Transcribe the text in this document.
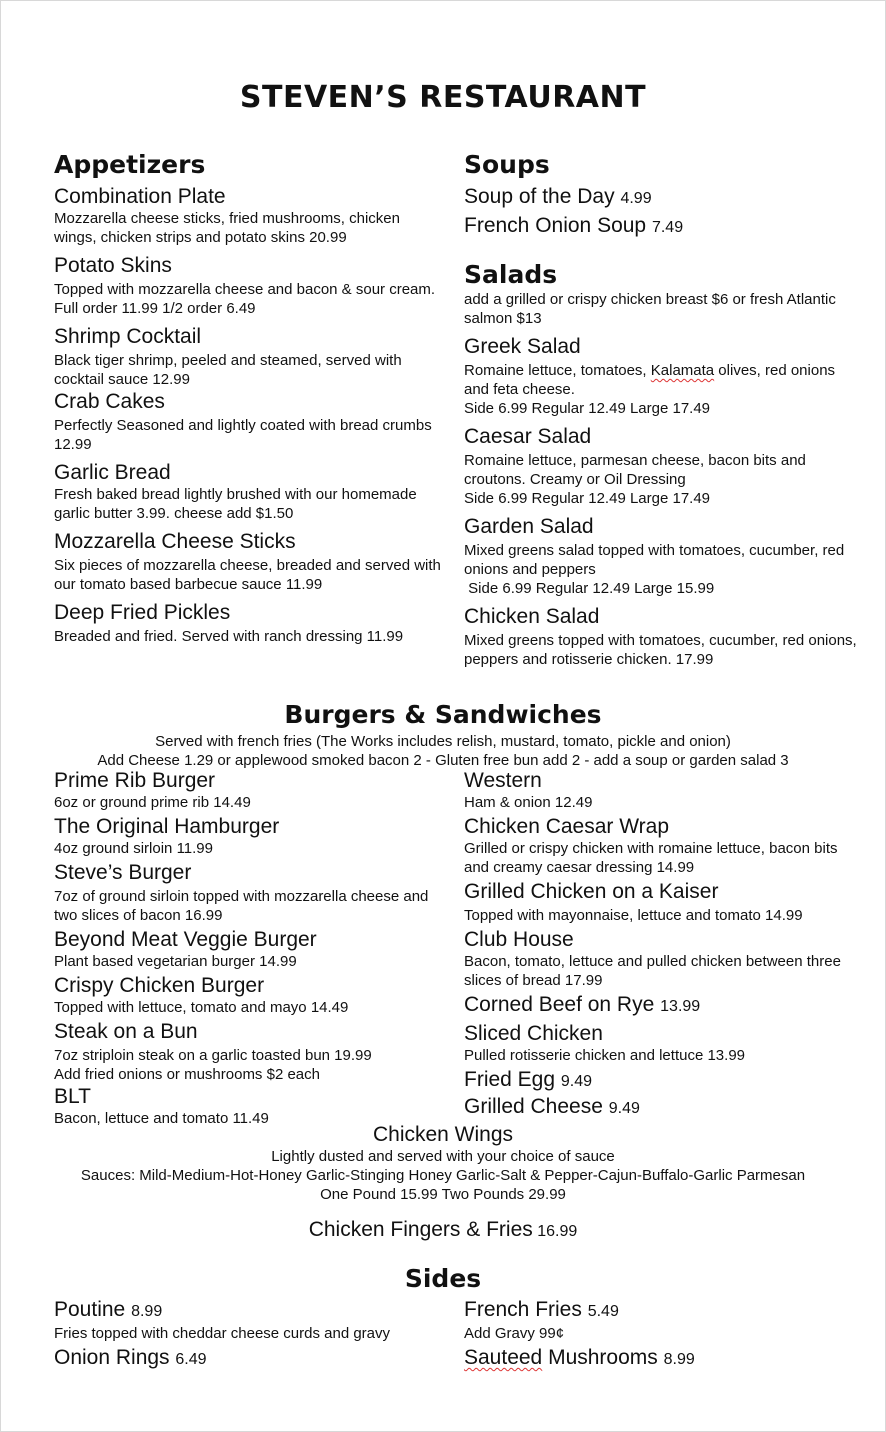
STEVEN’S RESTAURANT
Appetizers
Combination Plate
Mozzarella cheese sticks, fried mushrooms, chicken wings, chicken strips and potato skins 20.99
Potato Skins
Topped with mozzarella cheese and bacon & sour cream. Full order 11.99 1/2 order 6.49
Shrimp Cocktail
Black tiger shrimp, peeled and steamed, served with cocktail sauce 12.99
Crab Cakes
Perfectly Seasoned and lightly coated with bread crumbs 12.99
Garlic Bread
Fresh baked bread lightly brushed with our homemade garlic butter 3.99. cheese add $1.50
Mozzarella Cheese Sticks
Six pieces of mozzarella cheese, breaded and served with our tomato based barbecue sauce 11.99
Deep Fried Pickles
Breaded and fried. Served with ranch dressing 11.99
Soups
Soup of the Day 4.99
French Onion Soup 7.49
Salads
add a grilled or crispy chicken breast $6 or fresh Atlantic salmon $13
Greek Salad
Romaine lettuce, tomatoes, Kalamata olives, red onions and feta cheese.
Side 6.99 Regular 12.49 Large 17.49
Caesar Salad
Romaine lettuce, parmesan cheese, bacon bits and croutons. Creamy or Oil Dressing
Side 6.99 Regular 12.49 Large 17.49
Garden Salad
Mixed greens salad topped with tomatoes, cucumber, red onions and peppers
Side 6.99 Regular 12.49 Large 15.99
Chicken Salad
Mixed greens topped with tomatoes, cucumber, red onions, peppers and rotisserie chicken. 17.99
Burgers & Sandwiches
Served with french fries (The Works includes relish, mustard, tomato, pickle and onion)
Add Cheese 1.29 or applewood smoked bacon 2 - Gluten free bun add 2 - add a soup or garden salad 3
Prime Rib Burger
6oz or ground prime rib 14.49
The Original Hamburger
4oz ground sirloin 11.99
Steve’s Burger
7oz of ground sirloin topped with mozzarella cheese and two slices of bacon 16.99
Beyond Meat Veggie Burger
Plant based vegetarian burger 14.99
Crispy Chicken Burger
Topped with lettuce, tomato and mayo 14.49
Steak on a Bun
7oz striploin steak on a garlic toasted bun 19.99
Add fried onions or mushrooms $2 each
BLT
Bacon, lettuce and tomato 11.49
Western
Ham & onion 12.49
Chicken Caesar Wrap
Grilled or crispy chicken with romaine lettuce, bacon bits and creamy caesar dressing 14.99
Grilled Chicken on a Kaiser
Topped with mayonnaise, lettuce and tomato 14.99
Club House
Bacon, tomato, lettuce and pulled chicken between three slices of bread 17.99
Corned Beef on Rye 13.99
Sliced Chicken
Pulled rotisserie chicken and lettuce 13.99
Fried Egg 9.49
Grilled Cheese 9.49
Chicken Wings
Lightly dusted and served with your choice of sauce
Sauces: Mild-Medium-Hot-Honey Garlic-Stinging Honey Garlic-Salt & Pepper-Cajun-Buffalo-Garlic Parmesan
One Pound 15.99 Two Pounds 29.99
Chicken Fingers & Fries 16.99
Sides
Poutine 8.99
Fries topped with cheddar cheese curds and gravy
Onion Rings 6.49
French Fries 5.49
Add Gravy 99¢
Sauteed Mushrooms 8.99
